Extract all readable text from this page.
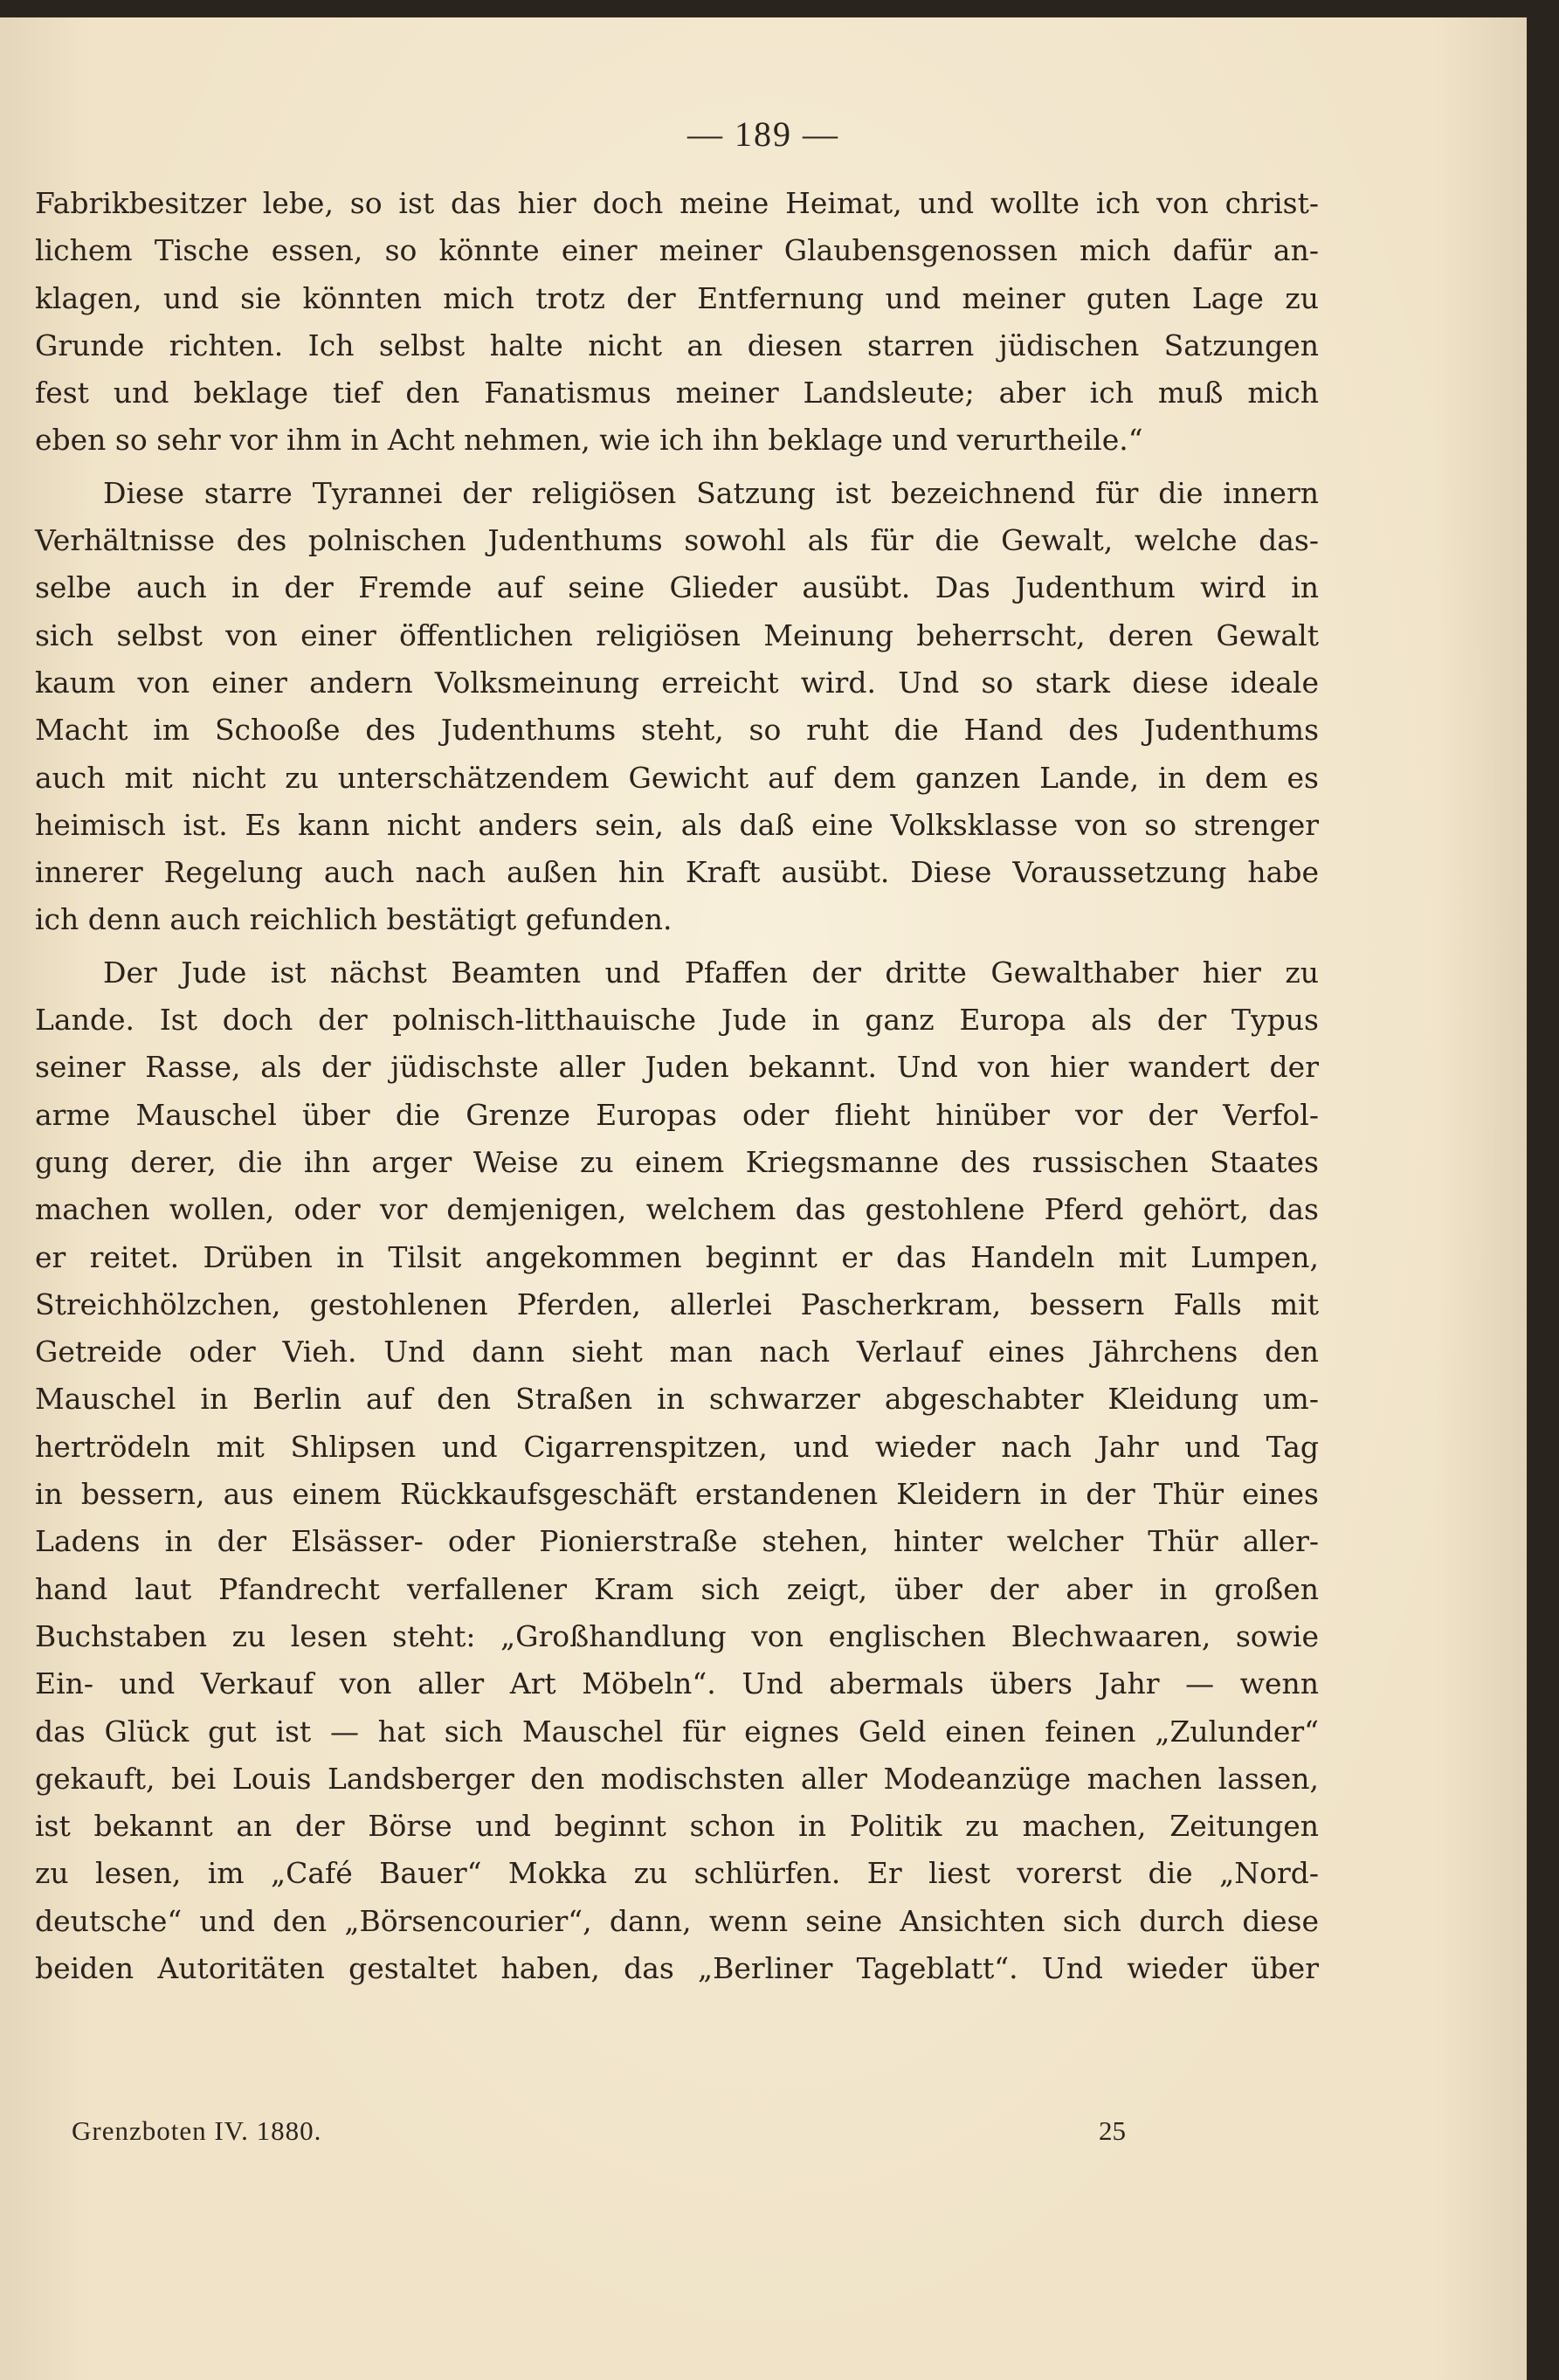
— 189 —
Fabrikbesitzer lebe, so ist das hier doch meine Heimat, und wollte ich von christ-
lichem Tische essen, so könnte einer meiner Glaubensgenossen mich dafür an-
klagen, und sie könnten mich trotz der Entfernung und meiner guten Lage zu
Grunde richten. Ich selbst halte nicht an diesen starren jüdischen Satzungen
fest und beklage tief den Fanatismus meiner Landsleute; aber ich muß mich
eben so sehr vor ihm in Acht nehmen, wie ich ihn beklage und verurtheile.“
Diese starre Tyrannei der religiösen Satzung ist bezeichnend für die innern
Verhältnisse des polnischen Judenthums sowohl als für die Gewalt, welche das-
selbe auch in der Fremde auf seine Glieder ausübt. Das Judenthum wird in
sich selbst von einer öffentlichen religiösen Meinung beherrscht, deren Gewalt
kaum von einer andern Volksmeinung erreicht wird. Und so stark diese ideale
Macht im Schooße des Judenthums steht, so ruht die Hand des Judenthums
auch mit nicht zu unterschätzendem Gewicht auf dem ganzen Lande, in dem es
heimisch ist. Es kann nicht anders sein, als daß eine Volksklasse von so strenger
innerer Regelung auch nach außen hin Kraft ausübt. Diese Voraussetzung habe
ich denn auch reichlich bestätigt gefunden.
Der Jude ist nächst Beamten und Pfaffen der dritte Gewalthaber hier zu
Lande. Ist doch der polnisch-litthauische Jude in ganz Europa als der Typus
seiner Rasse, als der jüdischste aller Juden bekannt. Und von hier wandert der
arme Mauschel über die Grenze Europas oder flieht hinüber vor der Verfol-
gung derer, die ihn arger Weise zu einem Kriegsmanne des russischen Staates
machen wollen, oder vor demjenigen, welchem das gestohlene Pferd gehört, das
er reitet. Drüben in Tilsit angekommen beginnt er das Handeln mit Lumpen,
Streichhölzchen, gestohlenen Pferden, allerlei Pascherkram, bessern Falls mit
Getreide oder Vieh. Und dann sieht man nach Verlauf eines Jährchens den
Mauschel in Berlin auf den Straßen in schwarzer abgeschabter Kleidung um-
hertrödeln mit Shlipsen und Cigarrenspitzen, und wieder nach Jahr und Tag
in bessern, aus einem Rückkaufsgeschäft erstandenen Kleidern in der Thür eines
Ladens in der Elsässer- oder Pionierstraße stehen, hinter welcher Thür aller-
hand laut Pfandrecht verfallener Kram sich zeigt, über der aber in großen
Buchstaben zu lesen steht: „Großhandlung von englischen Blechwaaren, sowie
Ein- und Verkauf von aller Art Möbeln“. Und abermals übers Jahr — wenn
das Glück gut ist — hat sich Mauschel für eignes Geld einen feinen „Zulunder“
gekauft, bei Louis Landsberger den modischsten aller Modeanzüge machen lassen,
ist bekannt an der Börse und beginnt schon in Politik zu machen, Zeitungen
zu lesen, im „Café Bauer“ Mokka zu schlürfen. Er liest vorerst die „Nord-
deutsche“ und den „Börsencourier“, dann, wenn seine Ansichten sich durch diese
beiden Autoritäten gestaltet haben, das „Berliner Tageblatt“. Und wieder über
Grenzboten IV. 1880.	25
